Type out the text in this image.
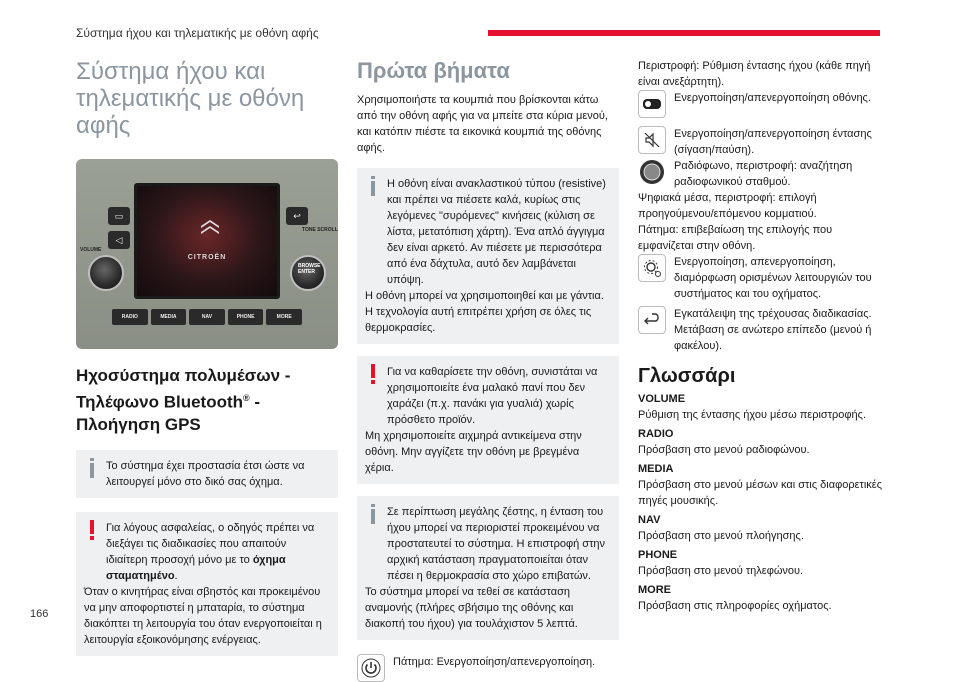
Σύστημα ήχου και τηλεματικής με οθόνη αφής
Σύστημα ήχου και τηλεματικής με οθόνη αφής
VOLUME
▭
◁
CITROËN
↩
TONE SCROLL
BROWSE ENTER
RADIO	MEDIA	NAV	PHONE	MORE
Ηχοσύστημα πολυμέσων - Τηλέφωνο Bluetooth® - Πλοήγηση GPS
Το σύστημα έχει προστασία έτσι ώστε να λειτουργεί μόνο στο δικό σας όχημα.
Για λόγους ασφαλείας, ο οδηγός πρέπει να διεξάγει τις διαδικασίες που απαιτούν ιδιαίτερη προσοχή μόνο με το όχημα σταματημένο.
Όταν ο κινητήρας είναι σβηστός και προκειμένου να μην αποφορτιστεί η μπαταρία, το σύστημα διακόπτει τη λειτουργία του όταν ενεργοποιείται η λειτουργία εξοικονόμησης ενέργειας.
Πρώτα βήματα

Χρησιμοποιήστε τα κουμπιά που βρίσκονται κάτω από την οθόνη αφής για να μπείτε στα κύρια μενού, και κατόπιν πιέστε τα εικονικά κουμπιά της οθόνης αφής.

Η οθόνη είναι ανακλαστικού τύπου (resistive) και πρέπει να πιέσετε καλά, κυρίως στις λεγόμενες "συρόμενες" κινήσεις (κύλιση σε λίστα, μετατόπιση χάρτη). Ένα απλό άγγιγμα δεν είναι αρκετό. Αν πιέσετε με περισσότερα από ένα δάχτυλα, αυτό δεν λαμβάνεται υπόψη.
Η οθόνη μπορεί να χρησιμοποιηθεί και με γάντια. Η τεχνολογία αυτή επιτρέπει χρήση σε όλες τις θερμοκρασίες.
Για να καθαρίσετε την οθόνη, συνιστάται να χρησιμοποιείτε ένα μαλακό πανί που δεν χαράζει (π.χ. πανάκι για γυαλιά) χωρίς πρόσθετο προϊόν.
Μη χρησιμοποιείτε αιχμηρά αντικείμενα στην οθόνη. Μην αγγίζετε την οθόνη με βρεγμένα χέρια.
Σε περίπτωση μεγάλης ζέστης, η ένταση του ήχου μπορεί να περιοριστεί προκειμένου να προστατευτεί το σύστημα. Η επιστροφή στην αρχική κατάσταση πραγματοποιείται όταν πέσει η θερμοκρασία στο χώρο επιβατών.
Το σύστημα μπορεί να τεθεί σε κατάσταση αναμονής (πλήρες σβήσιμο της οθόνης και διακοπή του ήχου) για τουλάχιστον 5 λεπτά.
Πάτημα: Ενεργοποίηση/απενεργοποίηση.

Περιστροφή: Ρύθμιση έντασης ήχου (κάθε πηγή είναι ανεξάρτητη).

Ενεργοποίηση/απενεργοποίηση οθόνης.
Ενεργοποίηση/απενεργοποίηση έντασης (σίγαση/παύση).
Ραδιόφωνο, περιστροφή: αναζήτηση ραδιοφωνικού σταθμού.

Ψηφιακά μέσα, περιστροφή: επιλογή προηγούμενου/επόμενου κομματιού.

Πάτημα: επιβεβαίωση της επιλογής που εμφανίζεται στην οθόνη.

Ενεργοποίηση, απενεργοποίηση, διαμόρφωση ορισμένων λειτουργιών του συστήματος και του οχήματος.
Εγκατάλειψη της τρέχουσας διαδικασίας. Μετάβαση σε ανώτερο επίπεδο (μενού ή φακέλου).
Γλωσσάρι
VOLUME
Ρύθμιση της έντασης ήχου μέσω περιστροφής.
RADIO
Πρόσβαση στο μενού ραδιοφώνου.
MEDIA
Πρόσβαση στο μενού μέσων και στις διαφορετικές πηγές μουσικής.
NAV
Πρόσβαση στο μενού πλοήγησης.
PHONE
Πρόσβαση στο μενού τηλεφώνου.
MORE
Πρόσβαση στις πληροφορίες οχήματος.
166
